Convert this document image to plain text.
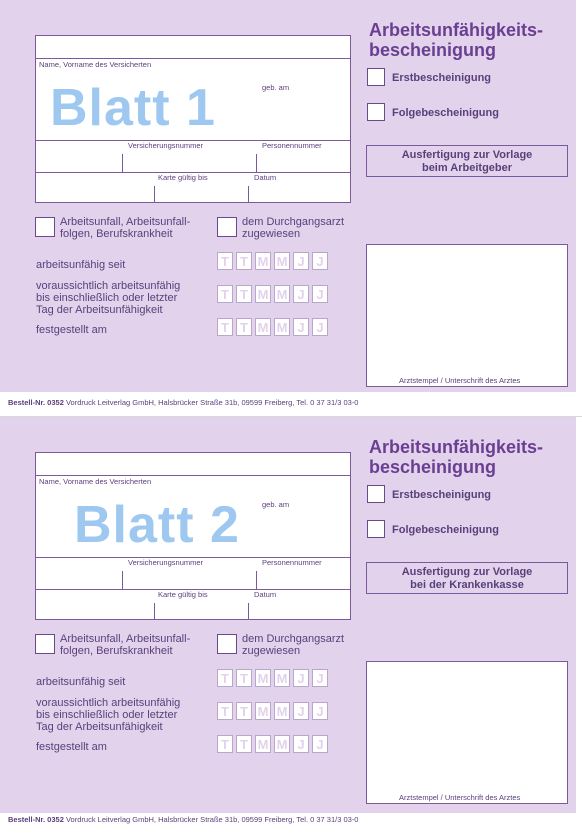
Name, Vorname des Versicherten
geb. am
Blatt 1
Versicherungsnummer	Personennummer
Karte gültig bis	Datum
Arbeitsunfähigkeits-
bescheinigung
Erstbescheinigung
Folgebescheinigung
Ausfertigung zur Vorlage
beim Arbeitgeber
Arbeitsunfall, Arbeitsunfall-
folgen, Berufskrankheit
dem Durchgangsarzt
zugewiesen
arbeitsunfähig seit	T T M M J J
voraussichtlich arbeitsunfähig
bis einschließlich oder letzter
Tag der Arbeitsunfähigkeit
T T M M J J
festgestellt am	T T M M J J
Arztstempel / Unterschrift des Arztes
Bestell-Nr. 0352 Vordruck Leitverlag GmbH, Halsbrücker Straße 31b, 09599 Freiberg, Tel. 0 37 31/3 03-0
Name, Vorname des Versicherten
geb. am
Blatt 2
Versicherungsnummer	Personennummer
Karte gültig bis	Datum
Arbeitsunfähigkeits-
bescheinigung
Erstbescheinigung
Folgebescheinigung
Ausfertigung zur Vorlage
bei der Krankenkasse
Arbeitsunfall, Arbeitsunfall-
folgen, Berufskrankheit
dem Durchgangsarzt
zugewiesen
arbeitsunfähig seit	T T M M J J
voraussichtlich arbeitsunfähig
bis einschließlich oder letzter
Tag der Arbeitsunfähigkeit
T T M M J J
festgestellt am	T T M M J J
Arztstempel / Unterschrift des Arztes
Bestell-Nr. 0352 Vordruck Leitverlag GmbH, Halsbrücker Straße 31b, 09599 Freiberg, Tel. 0 37 31/3 03-0
